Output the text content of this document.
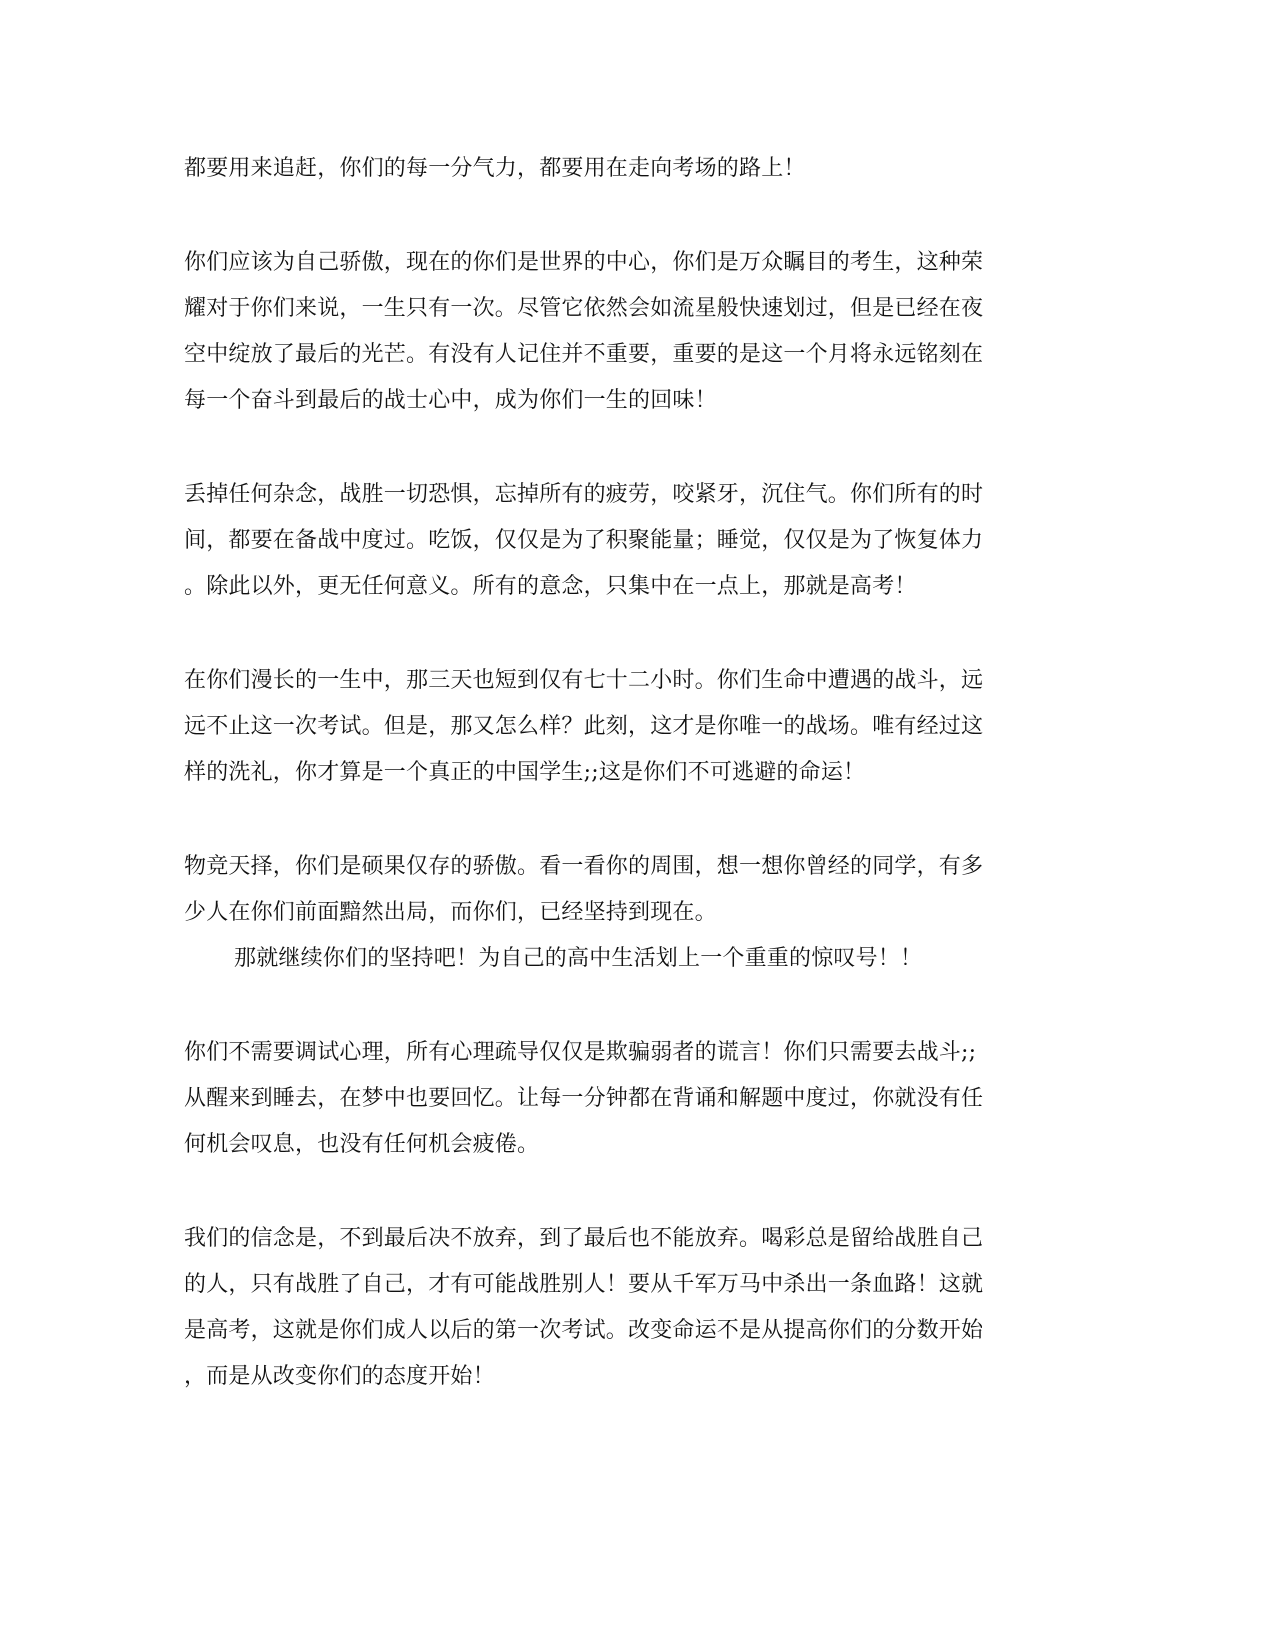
都要用来追赶，你们的每一分气力，都要用在走向考场的路上！
你们应该为自己骄傲，现在的你们是世界的中心，你们是万众瞩目的考生，这种荣
耀对于你们来说，一生只有一次。尽管它依然会如流星般快速划过，但是已经在夜
空中绽放了最后的光芒。有没有人记住并不重要，重要的是这一个月将永远铭刻在
每一个奋斗到最后的战士心中，成为你们一生的回味！
丢掉任何杂念，战胜一切恐惧，忘掉所有的疲劳，咬紧牙，沉住气。你们所有的时
间，都要在备战中度过。吃饭，仅仅是为了积聚能量；睡觉，仅仅是为了恢复体力
。除此以外，更无任何意义。所有的意念，只集中在一点上，那就是高考！
在你们漫长的一生中，那三天也短到仅有七十二小时。你们生命中遭遇的战斗，远
远不止这一次考试。但是，那又怎么样？此刻，这才是你唯一的战场。唯有经过这
样的洗礼，你才算是一个真正的中国学生;;这是你们不可逃避的命运！
物竞天择，你们是硕果仅存的骄傲。看一看你的周围，想一想你曾经的同学，有多
少人在你们前面黯然出局，而你们，已经坚持到现在。
那就继续你们的坚持吧！为自己的高中生活划上一个重重的惊叹号！！
你们不需要调试心理，所有心理疏导仅仅是欺骗弱者的谎言！你们只需要去战斗;;
从醒来到睡去，在梦中也要回忆。让每一分钟都在背诵和解题中度过，你就没有任
何机会叹息，也没有任何机会疲倦。
我们的信念是，不到最后决不放弃，到了最后也不能放弃。喝彩总是留给战胜自己
的人，只有战胜了自己，才有可能战胜别人！要从千军万马中杀出一条血路！这就
是高考，这就是你们成人以后的第一次考试。改变命运不是从提高你们的分数开始
，而是从改变你们的态度开始！
